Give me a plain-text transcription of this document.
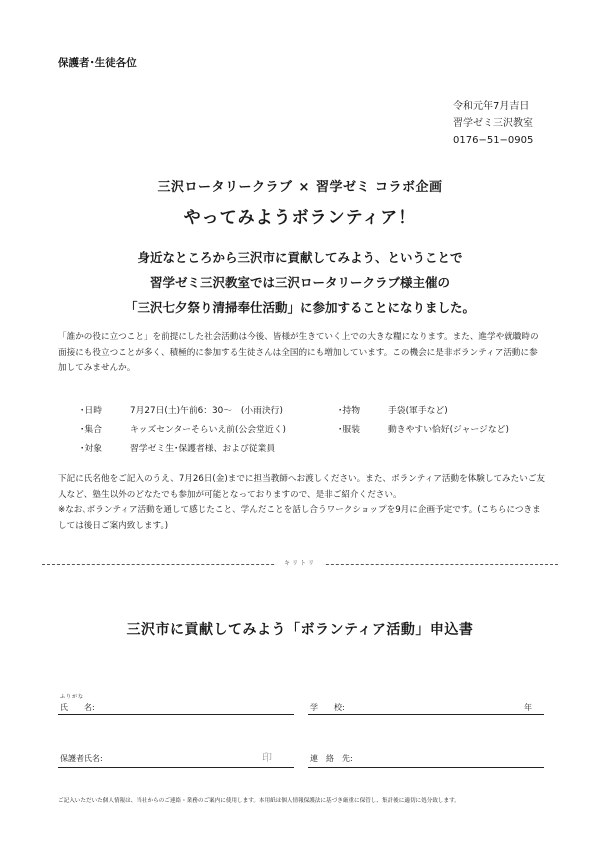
保護者･生徒各位
令和元年7月吉日
習学ゼミ三沢教室
0176−51−0905
三沢ロータリークラブ × 習学ゼミ コラボ企画
やってみようボランティア！
身近なところから三沢市に貢献してみよう、ということで
習学ゼミ三沢教室では三沢ロータリークラブ様主催の
「三沢七夕祭り清掃奉仕活動」に参加することになりました。
「誰かの役に立つこと」を前提にした社会活動は今後、皆様が生きていく上での大きな糧になります。また、進学や就職時の面接にも役立つことが多く、積極的に参加する生徒さんは全国的にも増加しています。この機会に是非ボランティア活動に参加してみませんか。
･日時	7月27日(土)午前6：30〜　(小雨決行)	･持物	手袋(軍手など)
･集合	キッズセンターそらいえ前(公会堂近く)	･服装	動きやすい恰好(ジャージなど)
･対象	習学ゼミ生･保護者様、および従業員
下記に氏名他をご記入のうえ、7月26日(金)までに担当教師へお渡しください。また、ボランティア活動を体験してみたいご友人など、塾生以外のどなたでも参加が可能となっておりますので、是非ご紹介ください。
※なお､ボランティア活動を通して感じたこと、学んだことを話し合うワークショップを9月に企画予定です。(こちらにつきましては後日ご案内致します。)
キリトリ
三沢市に貢献してみよう「ボランティア活動」申込書
ふりがな
氏　　名:	学　　校:	年
保護者氏名:	印	連　絡　先:
ご記入いただいた個人情報は、当社からのご連絡・業務のご案内に使用します。本用紙は個人情報保護法に基づき厳重に保管し、集計後に適切に処分致します。
